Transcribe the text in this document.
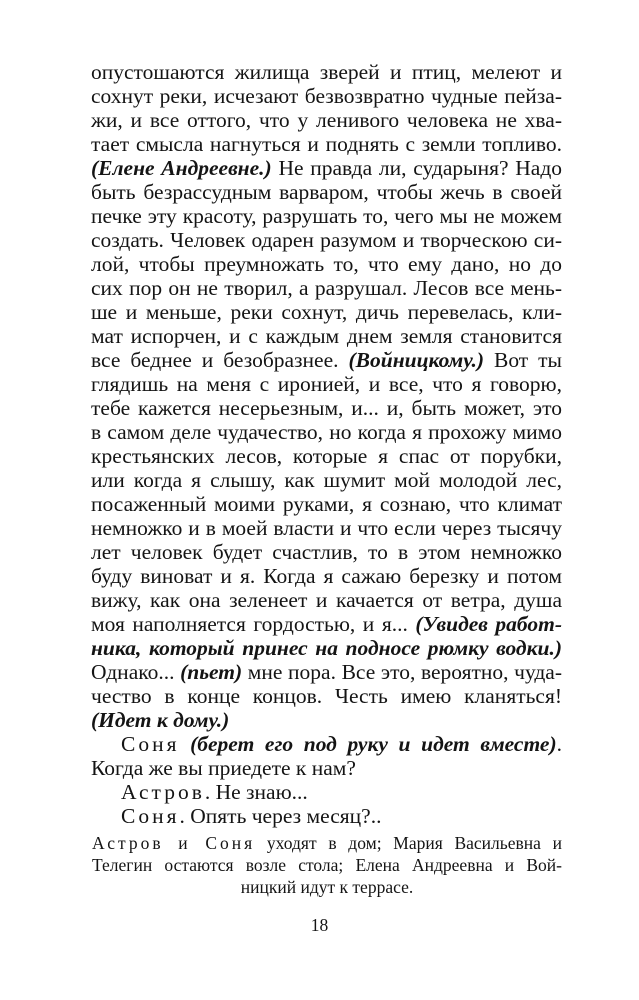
опустошаются жилища зверей и птиц, мелеют и
сохнут реки, исчезают безвозвратно чудные пейза-
жи, и все оттого, что у ленивого человека не хва-
тает смысла нагнуться и поднять с земли топливо.
(Елене Андреевне.) Не правда ли, сударыня? Надо
быть безрассудным варваром, чтобы жечь в своей
печке эту красоту, разрушать то, чего мы не можем
создать. Человек одарен разумом и творческою си-
лой, чтобы преумножать то, что ему дано, но до
сих пор он не творил, а разрушал. Лесов все мень-
ше и меньше, реки сохнут, дичь перевелась, кли-
мат испорчен, и с каждым днем земля становится
все беднее и безобразнее. (Войницкому.) Вот ты
глядишь на меня с иронией, и все, что я говорю,
тебе кажется несерьезным, и... и, быть может, это
в самом деле чудачество, но когда я прохожу мимо
крестьянских лесов, которые я спас от порубки,
или когда я слышу, как шумит мой молодой лес,
посаженный моими руками, я сознаю, что климат
немножко и в моей власти и что если через тысячу
лет человек будет счастлив, то в этом немножко
буду виноват и я. Когда я сажаю березку и потом
вижу, как она зеленеет и качается от ветра, душа
моя наполняется гордостью, и я... (Увидев работ-
ника, который принес на подносе рюмку водки.)
Однако... (пьет) мне пора. Все это, вероятно, чуда-
чество в конце концов. Честь имею кланяться!
(Идет к дому.)
Соня (берет его под руку и идет вместе).
Когда же вы приедете к нам?
Астров. Не знаю...
Соня. Опять через месяц?..
Астров и Соня уходят в дом; Мария Васильевна и
Телегин остаются возле стола; Елена Андреевна и Вой-
ницкий идут к террасе.
18
